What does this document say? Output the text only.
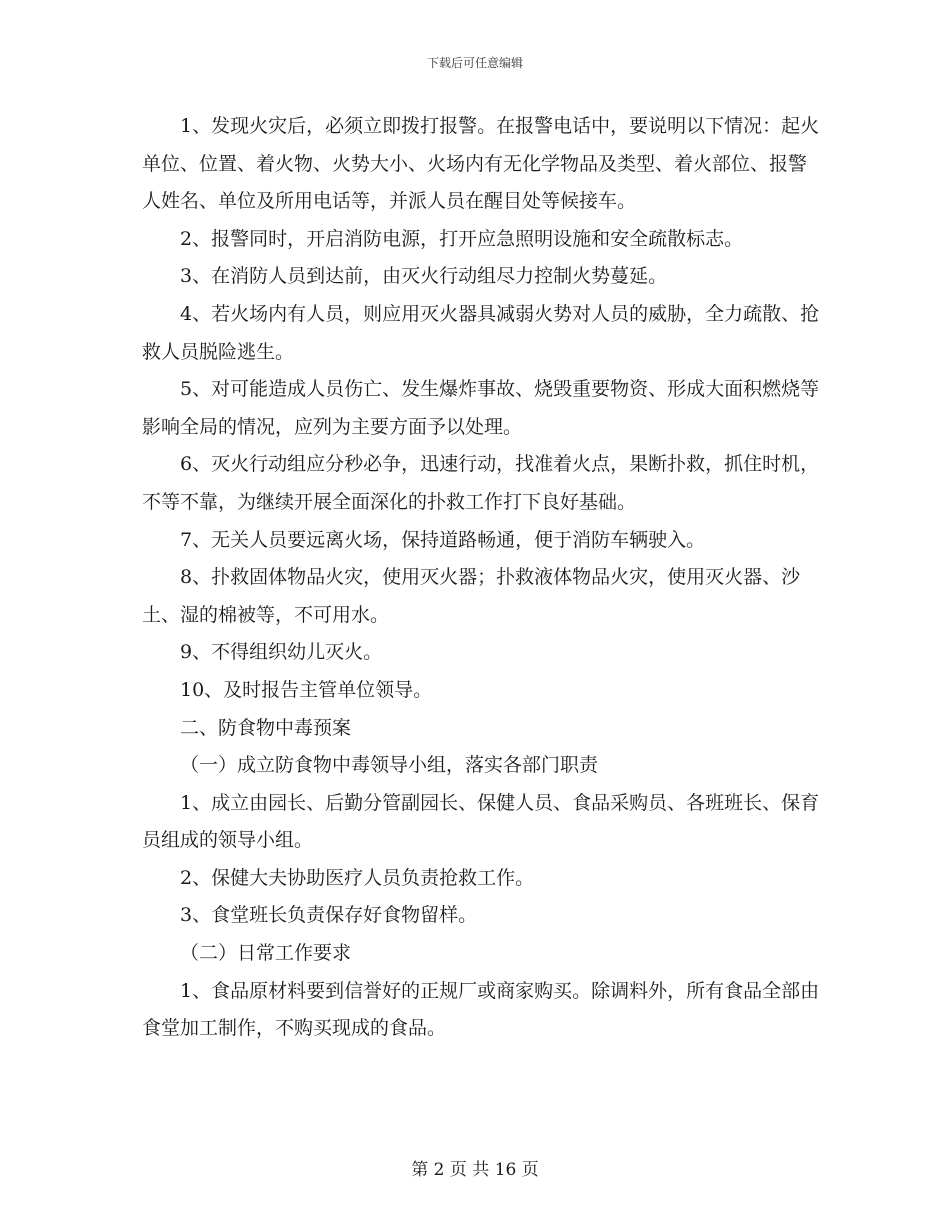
下载后可任意编辑

1、发现火灾后，必须立即拨打报警。在报警电话中，要说明以下情况：起火单位、位置、着火物、火势大小、火场内有无化学物品及类型、着火部位、报警人姓名、单位及所用电话等，并派人员在醒目处等候接车。

2、报警同时，开启消防电源，打开应急照明设施和安全疏散标志。

3、在消防人员到达前，由灭火行动组尽力控制火势蔓延。

4、若火场内有人员，则应用灭火器具减弱火势对人员的威胁，全力疏散、抢救人员脱险逃生。

5、对可能造成人员伤亡、发生爆炸事故、烧毁重要物资、形成大面积燃烧等影响全局的情况，应列为主要方面予以处理。

6、灭火行动组应分秒必争，迅速行动，找准着火点，果断扑救，抓住时机，不等不靠，为继续开展全面深化的扑救工作打下良好基础。

7、无关人员要远离火场，保持道路畅通，便于消防车辆驶入。

8、扑救固体物品火灾，使用灭火器；扑救液体物品火灾，使用灭火器、沙土、湿的棉被等，不可用水。

9、不得组织幼儿灭火。

10、及时报告主管单位领导。

二、防食物中毒预案

（一）成立防食物中毒领导小组，落实各部门职责

1、成立由园长、后勤分管副园长、保健人员、食品采购员、各班班长、保育员组成的领导小组。

2、保健大夫协助医疗人员负责抢救工作。

3、食堂班长负责保存好食物留样。

（二）日常工作要求

1、食品原材料要到信誉好的正规厂或商家购买。除调料外，所有食品全部由食堂加工制作，不购买现成的食品。

第 2 页 共 16 页
